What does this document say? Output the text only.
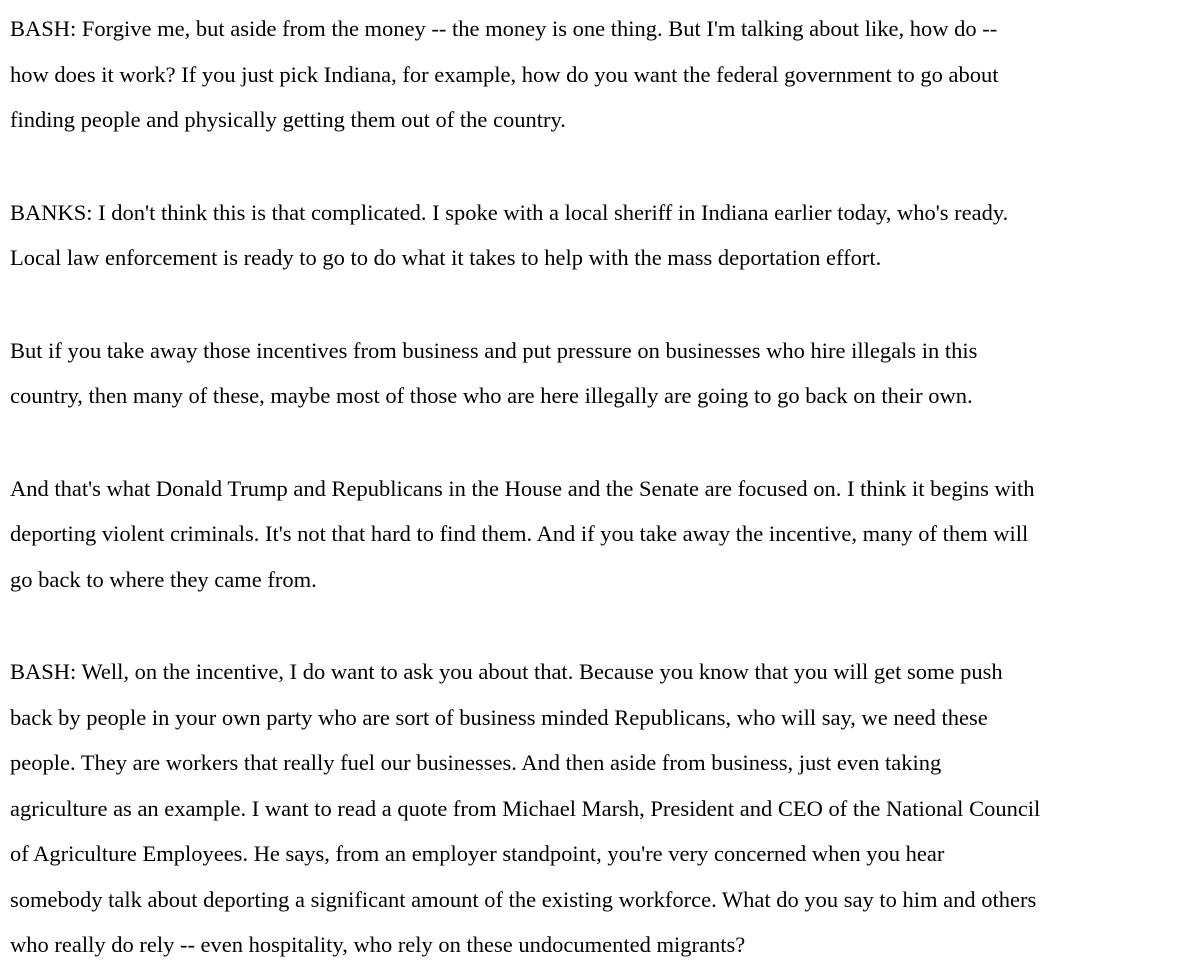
BASH: Forgive me, but aside from the money -- the money is one thing. But I'm talking about like, how do --
how does it work? If you just pick Indiana, for example, how do you want the federal government to go about
finding people and physically getting them out of the country.

BANKS: I don't think this is that complicated. I spoke with a local sheriff in Indiana earlier today, who's ready.
Local law enforcement is ready to go to do what it takes to help with the mass deportation effort.

But if you take away those incentives from business and put pressure on businesses who hire illegals in this
country, then many of these, maybe most of those who are here illegally are going to go back on their own.

And that's what Donald Trump and Republicans in the House and the Senate are focused on. I think it begins with
deporting violent criminals. It's not that hard to find them. And if you take away the incentive, many of them will
go back to where they came from.

BASH: Well, on the incentive, I do want to ask you about that. Because you know that you will get some push
back by people in your own party who are sort of business minded Republicans, who will say, we need these
people. They are workers that really fuel our businesses. And then aside from business, just even taking
agriculture as an example. I want to read a quote from Michael Marsh, President and CEO of the National Council
of Agriculture Employees. He says, from an employer standpoint, you're very concerned when you hear
somebody talk about deporting a significant amount of the existing workforce. What do you say to him and others
who really do rely -- even hospitality, who rely on these undocumented migrants?
